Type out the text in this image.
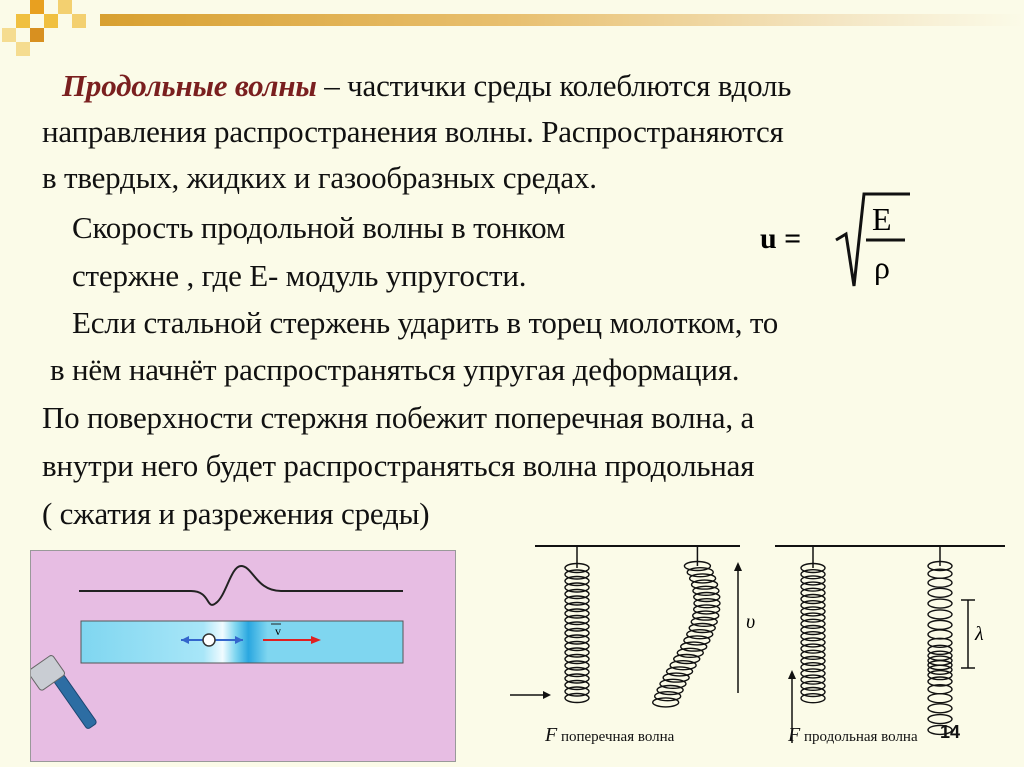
Продольные волны – частички среды колеблются вдоль
направления распространения волны. Распространяются
в твердых, жидких и газообразных средах.
Скорость продольной волны в тонком
стержне , где Е- модуль упругости.
Если стальной стержень ударить в торец молотком, то
в нём начнёт распространяться упругая деформация.
По поверхности стержня побежит поперечная волна, а
внутри него будет распространяться волна продольная
( сжатия и разрежения среды)
u =
E
ρ
v	υ
λ
F поперечная волна	F продольная волна 14
